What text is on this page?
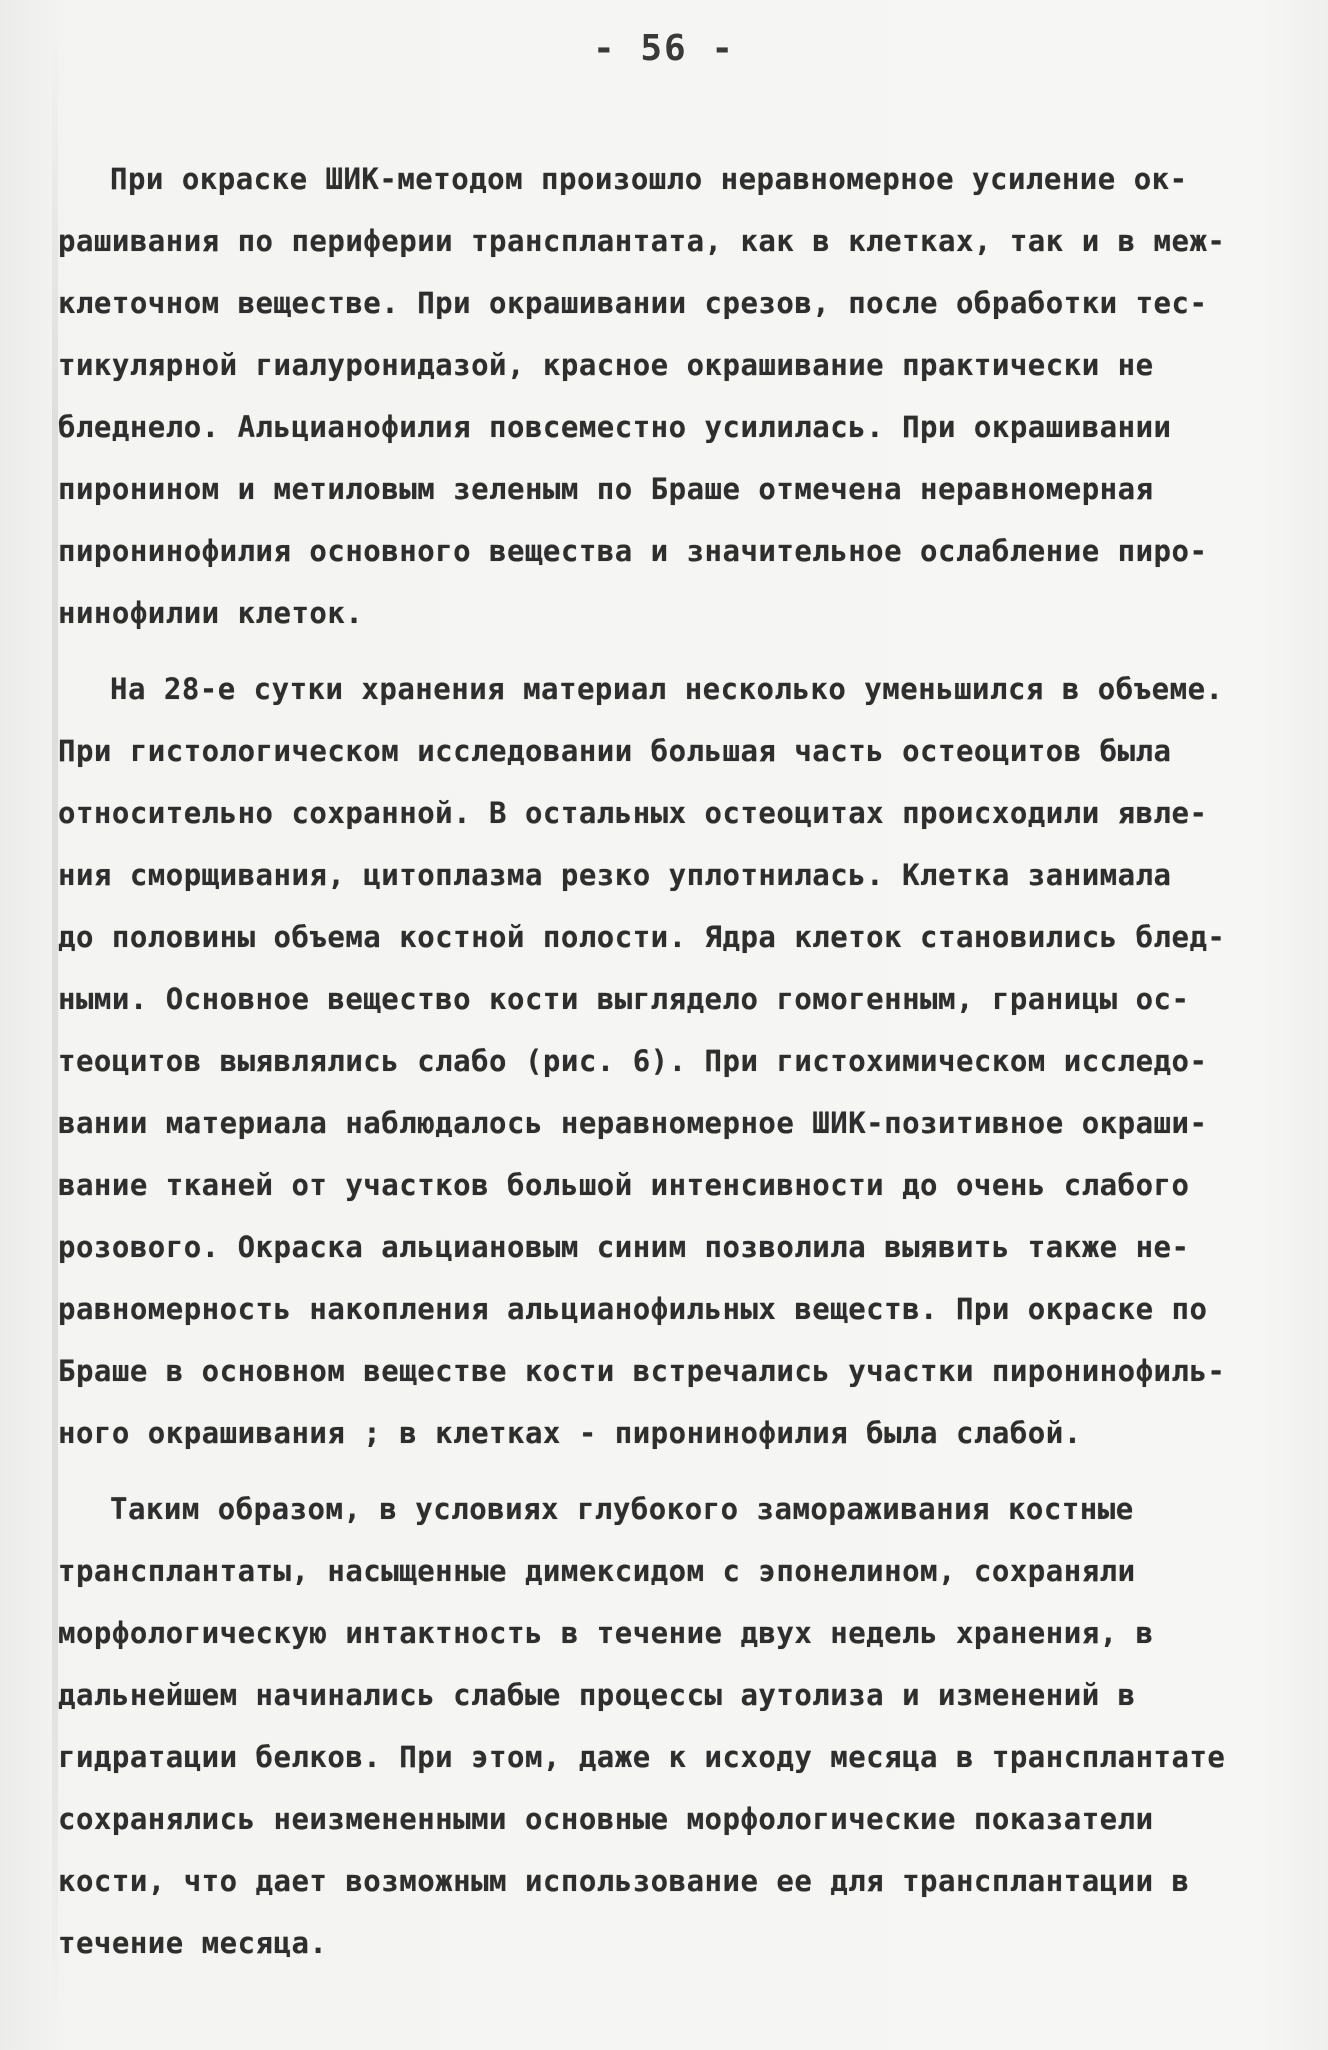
- 56 -
При окраске ШИК-методом произошло неравномерное усиление ок-
рашивания по периферии трансплантата, как в клетках, так и в меж-
клеточном веществе. При окрашивании срезов, после обработки тес-
тикулярной гиалуронидазой, красное окрашивание практически не
бледнело. Альцианофилия повсеместно усилилась. При окрашивании
пиронином и метиловым зеленым по Браше отмечена неравномерная
пиронинофилия основного вещества и значительное ослабление пиро-
нинофилии клеток.
На 28-е сутки хранения материал несколько уменьшился в объеме.
При гистологическом исследовании большая часть остеоцитов была
относительно сохранной. В остальных остеоцитах происходили явле-
ния сморщивания, цитоплазма резко уплотнилась. Клетка занимала
до половины объема костной полости. Ядра клеток становились блед-
ными. Основное вещество кости выглядело гомогенным, границы ос-
теоцитов выявлялись слабо (рис. 6). При гистохимическом исследо-
вании материала наблюдалось неравномерное ШИК-позитивное окраши-
вание тканей от участков большой интенсивности до очень слабого
розового. Окраска альциановым синим позволила выявить также не-
равномерность накопления альцианофильных веществ. При окраске по
Браше в основном веществе кости встречались участки пиронинофиль-
ного окрашивания ; в клетках - пиронинофилия была слабой.
Таким образом, в условиях глубокого замораживания костные
трансплантаты, насыщенные димексидом с эпонелином, сохраняли
морфологическую интактность в течение двух недель хранения, в
дальнейшем начинались слабые процессы аутолиза и изменений в
гидратации белков. При этом, даже к исходу месяца в трансплантате
сохранялись неизмененными основные морфологические показатели
кости, что дает возможным использование ее для трансплантации в
течение месяца.
